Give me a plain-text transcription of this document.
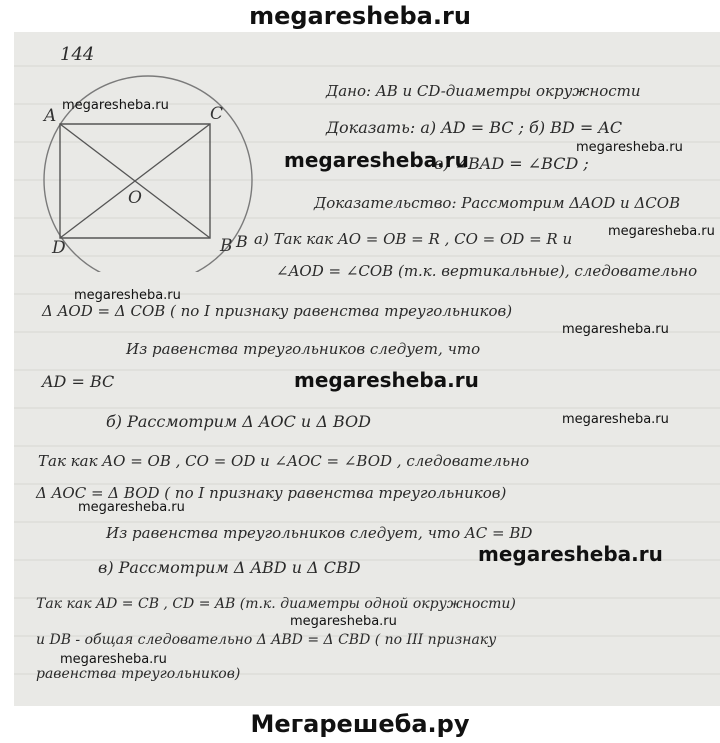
megaresheba.ru
A	C
O
D	B
144
Дано: AB и CD-диаметры окружности
Доказать: а) AD = BC ; б) BD = AC
в) ∠BAD = ∠BCD ;
Доказательство: Рассмотрим ΔAOD и ΔCOB
B а) Так как AO = OB = R , CO = OD = R и
∠AOD = ∠COB (т.к. вертикальные), следовательно
Δ AOD = Δ COB ( по I признаку равенства треугольников)
Из равенства треугольников следует, что
AD = BC
б) Рассмотрим Δ AOC и Δ BOD
Так как AO = OB , CO = OD и ∠AOC = ∠BOD , следовательно
Δ AOC = Δ BOD ( по I признаку равенства треугольников)
Из равенства треугольников следует, что AC = BD
в) Рассмотрим Δ ABD и Δ CBD
Так как AD = CB , CD = AB (т.к. диаметры одной окружности)
и DB - общая следовательно Δ ABD = Δ CBD ( по III признаку
равенства треугольников)
megaresheba.ru
megaresheba.ru
megaresheba.ru
megaresheba.ru
megaresheba.ru
megaresheba.ru
megaresheba.ru
megaresheba.ru
megaresheba.ru
megaresheba.ru
megaresheba.ru
megaresheba.ru
Мегарешеба.ру
